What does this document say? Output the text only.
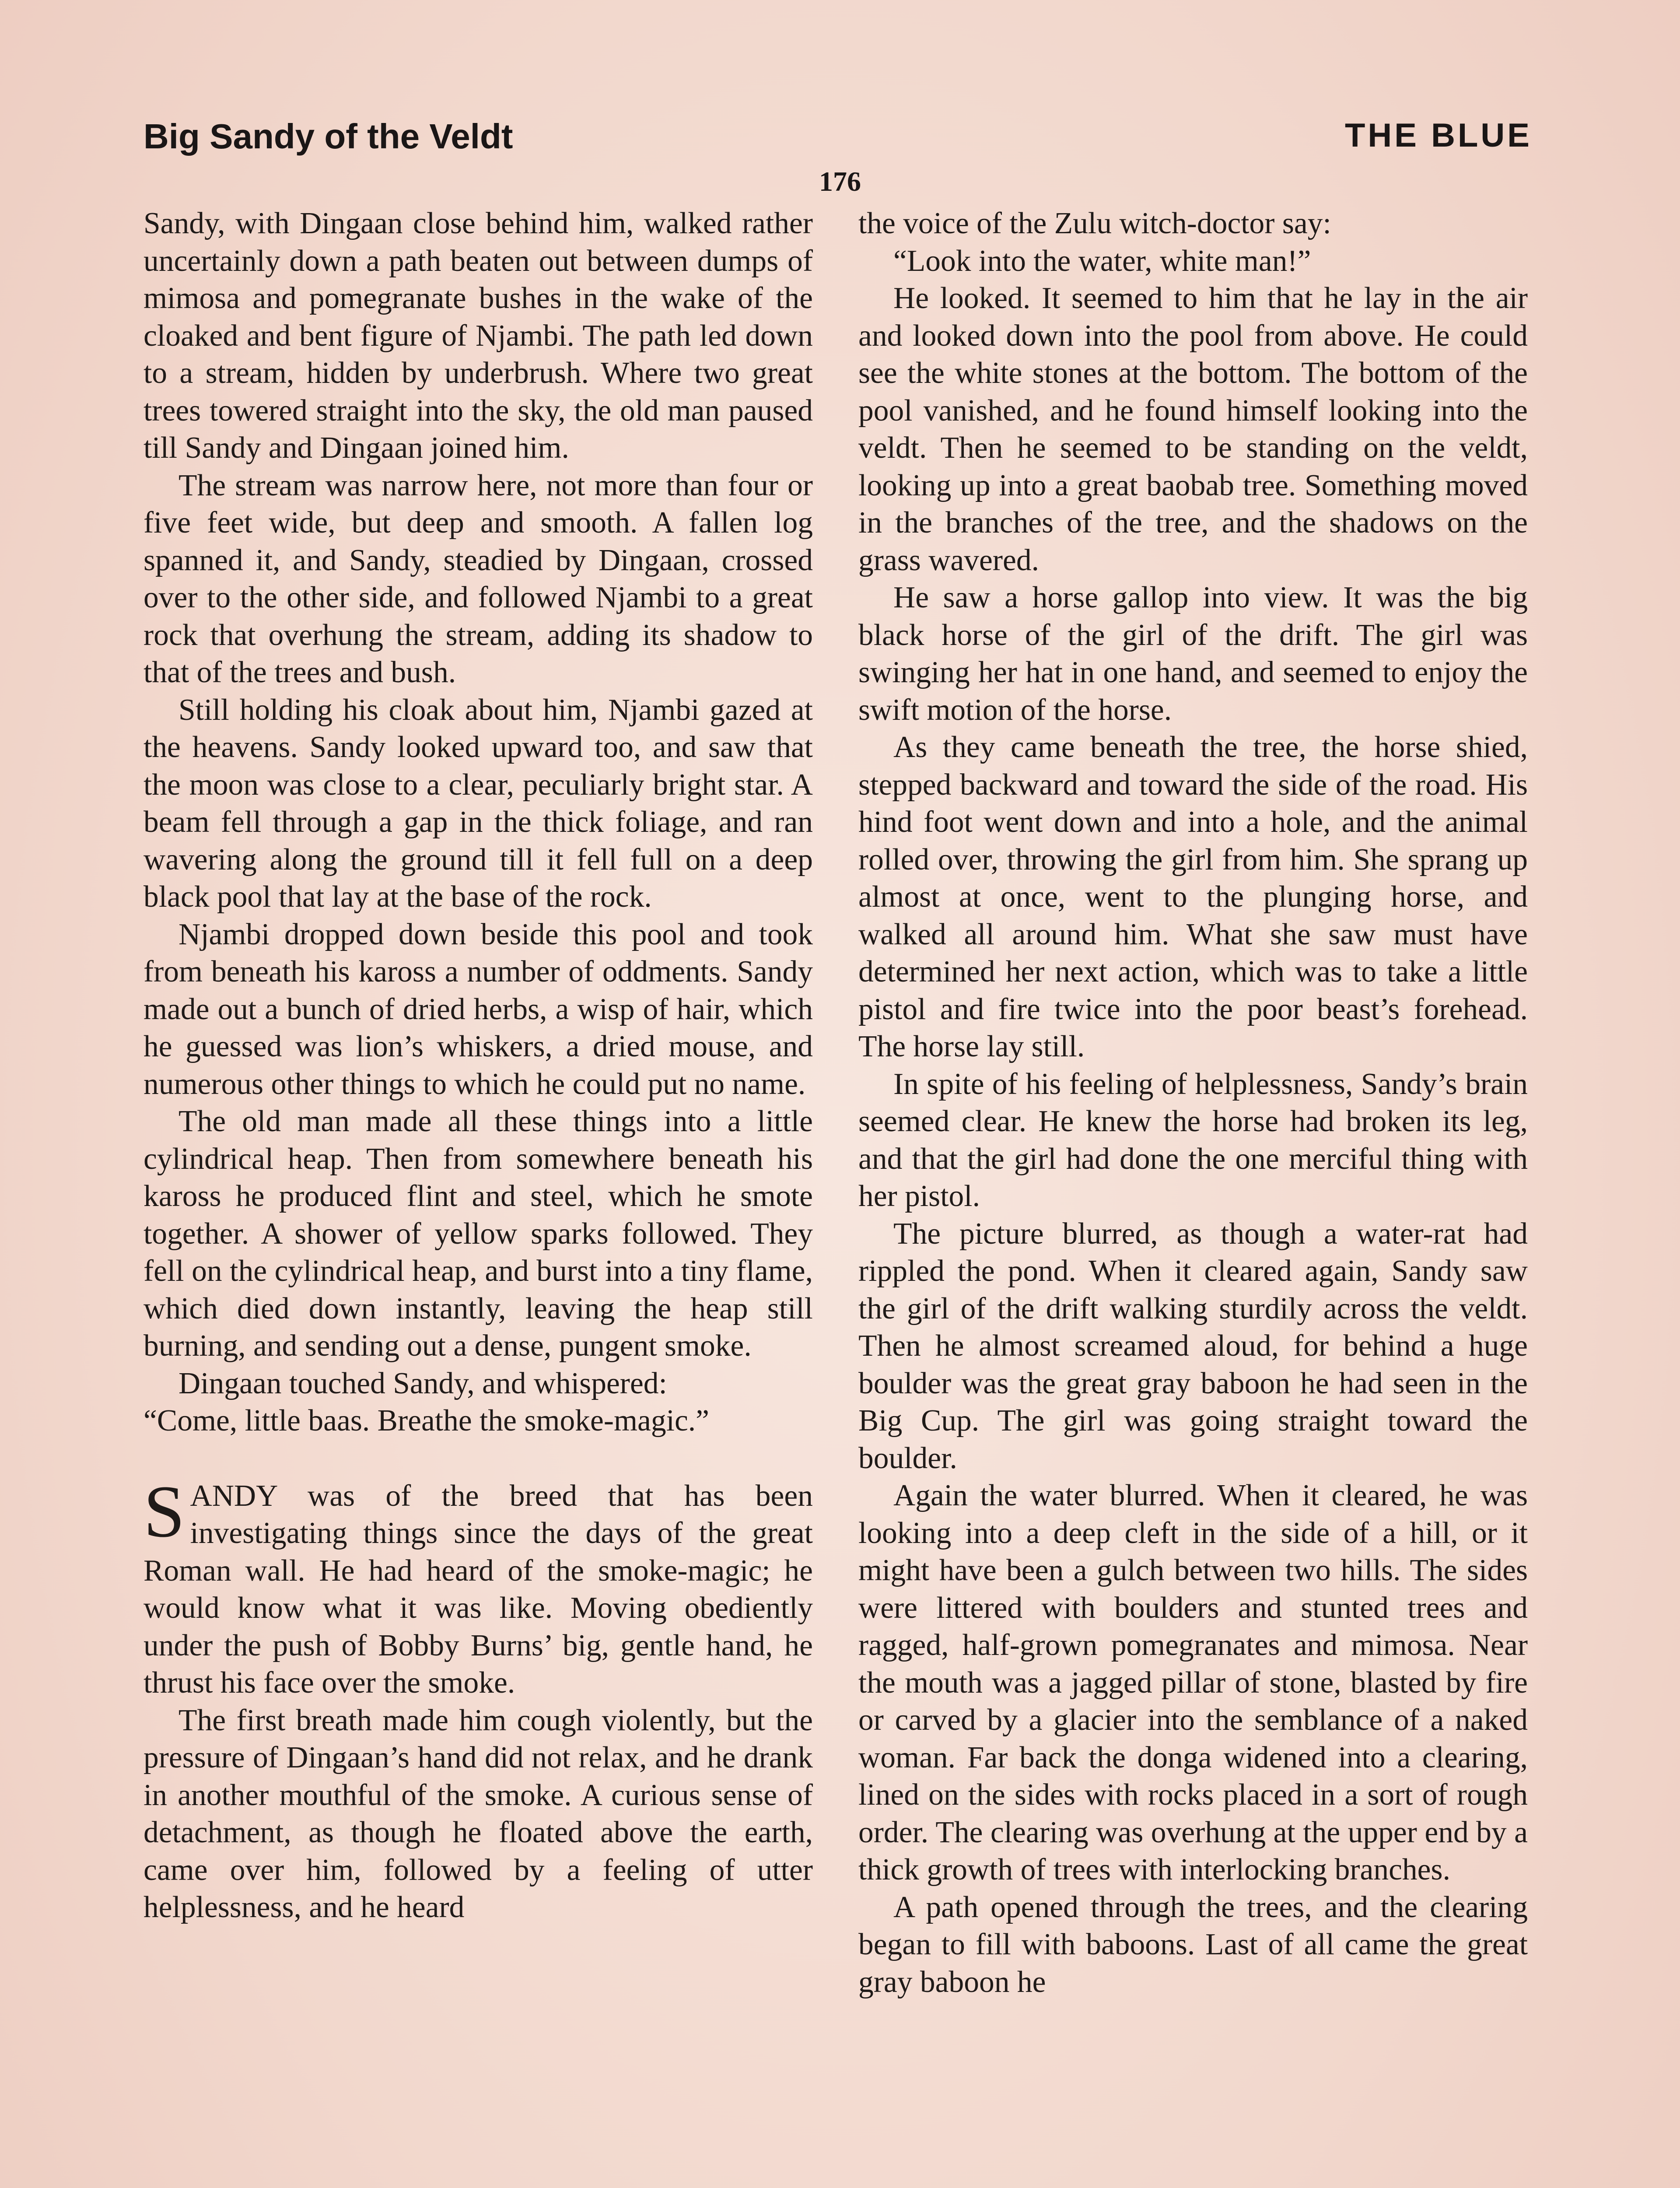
Big Sandy of the Veldt	THE BLUE
176

Sandy, with Dingaan close behind him, walked rather uncertainly down a path beaten out between dumps of mimosa and pomegranate bushes in the wake of the cloaked and bent figure of Njambi. The path led down to a stream, hidden by underbrush. Where two great trees towered straight into the sky, the old man paused till Sandy and Dingaan joined him.

The stream was narrow here, not more than four or five feet wide, but deep and smooth. A fallen log spanned it, and Sandy, steadied by Dingaan, crossed over to the other side, and followed Njambi to a great rock that overhung the stream, adding its shadow to that of the trees and bush.

Still holding his cloak about him, Njambi gazed at the heavens. Sandy looked upward too, and saw that the moon was close to a clear, peculiarly bright star. A beam fell through a gap in the thick foliage, and ran wavering along the ground till it fell full on a deep black pool that lay at the base of the rock.

Njambi dropped down beside this pool and took from beneath his kaross a number of oddments. Sandy made out a bunch of dried herbs, a wisp of hair, which he guessed was lion’s whiskers, a dried mouse, and numerous other things to which he could put no name.

The old man made all these things into a little cylindrical heap. Then from somewhere beneath his kaross he produced flint and steel, which he smote together. A shower of yellow sparks followed. They fell on the cylindrical heap, and burst into a tiny flame, which died down instantly, leaving the heap still burning, and sending out a dense, pungent smoke.

Dingaan touched Sandy, and whispered:

“Come, little baas. Breathe the smoke-magic.”

SANDY was of the breed that has been investigating things since the days of the great Roman wall. He had heard of the smoke-magic; he would know what it was like. Moving obediently under the push of Bobby Burns’ big, gentle hand, he thrust his face over the smoke.

The first breath made him cough violently, but the pressure of Dingaan’s hand did not relax, and he drank in another mouthful of the smoke. A curious sense of detachment, as though he floated above the earth, came over him, followed by a feeling of utter helplessness, and he heard

the voice of the Zulu witch-doctor say:

“Look into the water, white man!”

He looked. It seemed to him that he lay in the air and looked down into the pool from above. He could see the white stones at the bottom. The bottom of the pool vanished, and he found himself looking into the veldt. Then he seemed to be standing on the veldt, looking up into a great baobab tree. Something moved in the branches of the tree, and the shadows on the grass wavered.

He saw a horse gallop into view. It was the big black horse of the girl of the drift. The girl was swinging her hat in one hand, and seemed to enjoy the swift motion of the horse.

As they came beneath the tree, the horse shied, stepped backward and toward the side of the road. His hind foot went down and into a hole, and the animal rolled over, throwing the girl from him. She sprang up almost at once, went to the plunging horse, and walked all around him. What she saw must have determined her next action, which was to take a little pistol and fire twice into the poor beast’s forehead. The horse lay still.

In spite of his feeling of helplessness, Sandy’s brain seemed clear. He knew the horse had broken its leg, and that the girl had done the one merciful thing with her pistol.

The picture blurred, as though a water-rat had rippled the pond. When it cleared again, Sandy saw the girl of the drift walking sturdily across the veldt. Then he almost screamed aloud, for behind a huge boulder was the great gray baboon he had seen in the Big Cup. The girl was going straight toward the boulder.

Again the water blurred. When it cleared, he was looking into a deep cleft in the side of a hill, or it might have been a gulch between two hills. The sides were littered with boulders and stunted trees and ragged, half-grown pomegranates and mimosa. Near the mouth was a jagged pillar of stone, blasted by fire or carved by a glacier into the semblance of a naked woman. Far back the donga widened into a clearing, lined on the sides with rocks placed in a sort of rough order. The clearing was overhung at the upper end by a thick growth of trees with interlocking branches.

A path opened through the trees, and the clearing began to fill with baboons. Last of all came the great gray baboon he
